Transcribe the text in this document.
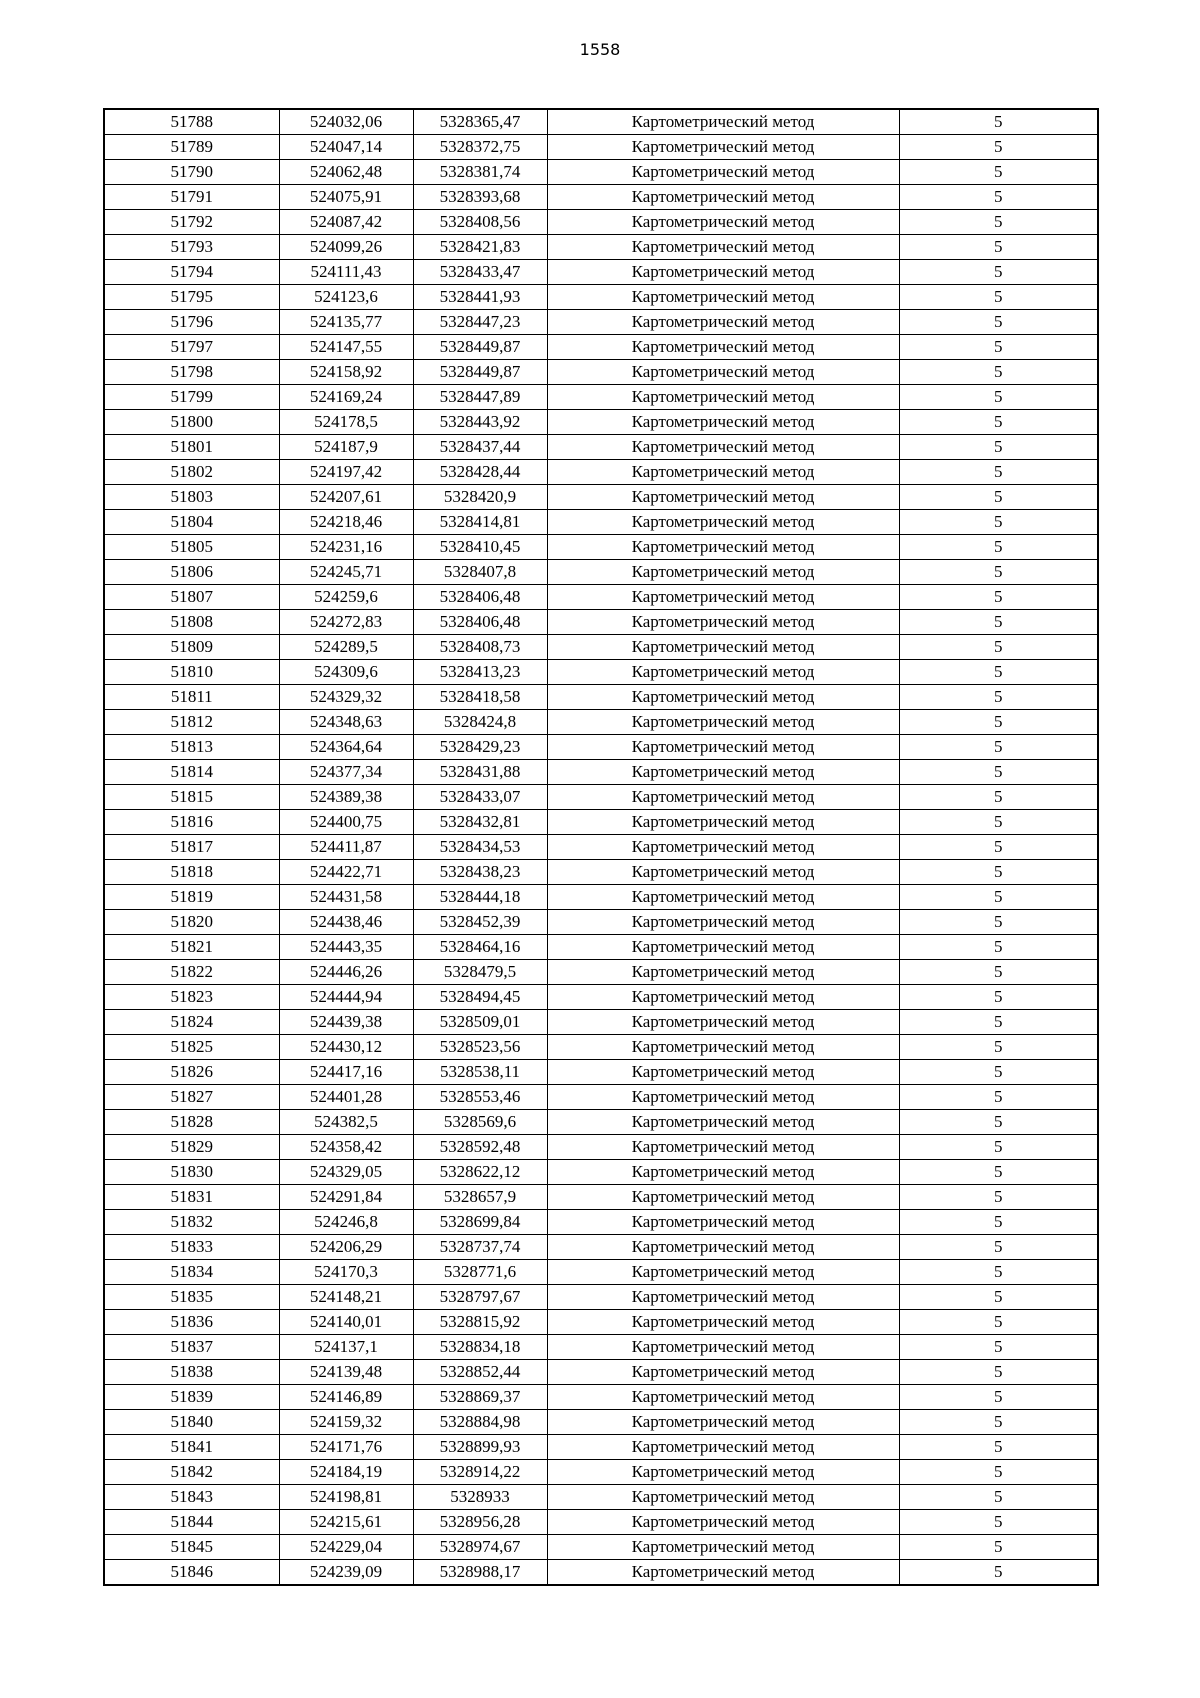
1558
51788	524032,06	5328365,47	Картометрический метод	5
51789	524047,14	5328372,75	Картометрический метод	5
51790	524062,48	5328381,74	Картометрический метод	5
51791	524075,91	5328393,68	Картометрический метод	5
51792	524087,42	5328408,56	Картометрический метод	5
51793	524099,26	5328421,83	Картометрический метод	5
51794	524111,43	5328433,47	Картометрический метод	5
51795	524123,6	5328441,93	Картометрический метод	5
51796	524135,77	5328447,23	Картометрический метод	5
51797	524147,55	5328449,87	Картометрический метод	5
51798	524158,92	5328449,87	Картометрический метод	5
51799	524169,24	5328447,89	Картометрический метод	5
51800	524178,5	5328443,92	Картометрический метод	5
51801	524187,9	5328437,44	Картометрический метод	5
51802	524197,42	5328428,44	Картометрический метод	5
51803	524207,61	5328420,9	Картометрический метод	5
51804	524218,46	5328414,81	Картометрический метод	5
51805	524231,16	5328410,45	Картометрический метод	5
51806	524245,71	5328407,8	Картометрический метод	5
51807	524259,6	5328406,48	Картометрический метод	5
51808	524272,83	5328406,48	Картометрический метод	5
51809	524289,5	5328408,73	Картометрический метод	5
51810	524309,6	5328413,23	Картометрический метод	5
51811	524329,32	5328418,58	Картометрический метод	5
51812	524348,63	5328424,8	Картометрический метод	5
51813	524364,64	5328429,23	Картометрический метод	5
51814	524377,34	5328431,88	Картометрический метод	5
51815	524389,38	5328433,07	Картометрический метод	5
51816	524400,75	5328432,81	Картометрический метод	5
51817	524411,87	5328434,53	Картометрический метод	5
51818	524422,71	5328438,23	Картометрический метод	5
51819	524431,58	5328444,18	Картометрический метод	5
51820	524438,46	5328452,39	Картометрический метод	5
51821	524443,35	5328464,16	Картометрический метод	5
51822	524446,26	5328479,5	Картометрический метод	5
51823	524444,94	5328494,45	Картометрический метод	5
51824	524439,38	5328509,01	Картометрический метод	5
51825	524430,12	5328523,56	Картометрический метод	5
51826	524417,16	5328538,11	Картометрический метод	5
51827	524401,28	5328553,46	Картометрический метод	5
51828	524382,5	5328569,6	Картометрический метод	5
51829	524358,42	5328592,48	Картометрический метод	5
51830	524329,05	5328622,12	Картометрический метод	5
51831	524291,84	5328657,9	Картометрический метод	5
51832	524246,8	5328699,84	Картометрический метод	5
51833	524206,29	5328737,74	Картометрический метод	5
51834	524170,3	5328771,6	Картометрический метод	5
51835	524148,21	5328797,67	Картометрический метод	5
51836	524140,01	5328815,92	Картометрический метод	5
51837	524137,1	5328834,18	Картометрический метод	5
51838	524139,48	5328852,44	Картометрический метод	5
51839	524146,89	5328869,37	Картометрический метод	5
51840	524159,32	5328884,98	Картометрический метод	5
51841	524171,76	5328899,93	Картометрический метод	5
51842	524184,19	5328914,22	Картометрический метод	5
51843	524198,81	5328933	Картометрический метод	5
51844	524215,61	5328956,28	Картометрический метод	5
51845	524229,04	5328974,67	Картометрический метод	5
51846	524239,09	5328988,17	Картометрический метод	5
